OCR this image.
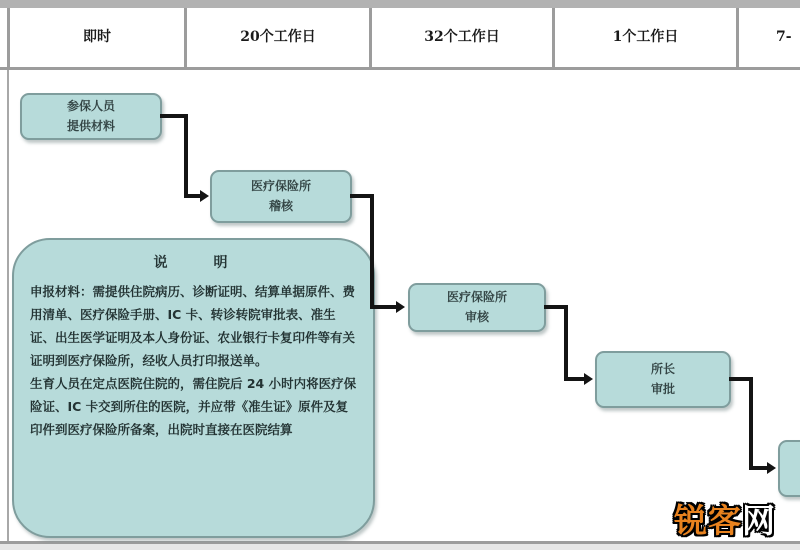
即时	20个工作日	32个工作日	1个工作日	7-
参保人员
提供材料
医疗保险所
稽核
医疗保险所
审核
所长
审批
说　　明

申报材料：需提供住院病历、诊断证明、结算单据原件、费用清单、医疗保险手册、IC 卡、转诊转院审批表、准生证、出生医学证明及本人身份证、农业银行卡复印件等有关证明到医疗保险所，经收人员打印报送单。

生育人员在定点医院住院的，需住院后 24 小时内将医疗保险证、IC 卡交到所住的医院，并应带《准生证》原件及复印件到医疗保险所备案，出院时直接在医院结算

锐客网
